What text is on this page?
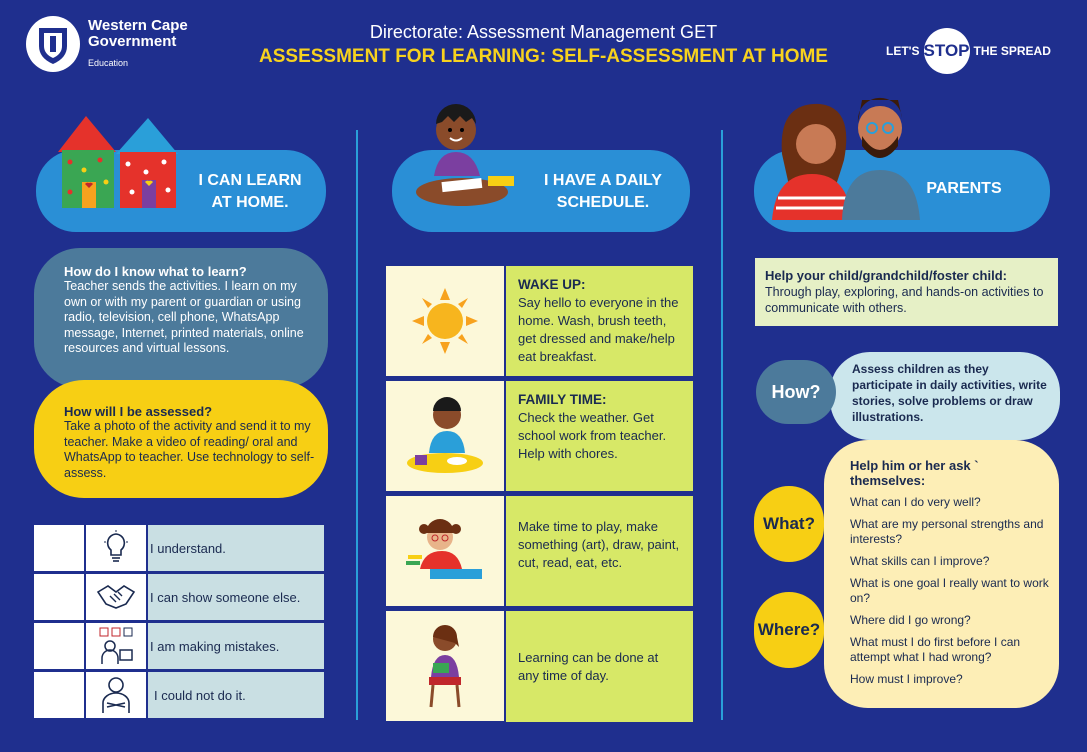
Western Cape Government
Education
Directorate: Assessment Management GET
ASSESSMENT FOR LEARNING: SELF-ASSESSMENT AT HOME	LET'S STOP THE SPREAD
I CAN LEARN AT HOME.
How do I know what to learn?
Teacher sends the activities. I learn on my own or with my parent or guardian or using radio, television, cell phone, WhatsApp message, Internet, printed materials, online resources and virtual lessons.
How will I be assessed?
Take a photo of the activity and send it to my teacher. Make a video of reading/ oral and WhatsApp to teacher. Use technology to self-assess.
I understand.
I can show someone else.
I am making mistakes.
I could not do it.
I HAVE A DAILY SCHEDULE.
WAKE UP:
Say hello to everyone in the home. Wash, brush teeth, get dressed and make/help eat breakfast.
FAMILY TIME:
Check the weather. Get school work from teacher. Help with chores.
Make time to play, make something (art), draw, paint, cut, read, eat, etc.
Learning can be done at any time of day.
PARENTS
Help your child/grandchild/foster child:
Through play, exploring, and hands-on activities to communicate with others.
Assess children as they participate in daily activities, write stories, solve problems or draw illustrations.
How?
Help him or her ask ` themselves:
What can I do very well?
What are my personal strengths and interests?
What skills can I improve?
What is one goal I really want to work on?
Where did I go wrong?
What must I do first before I can attempt what I had wrong?
How must I improve?
What?
Where?
